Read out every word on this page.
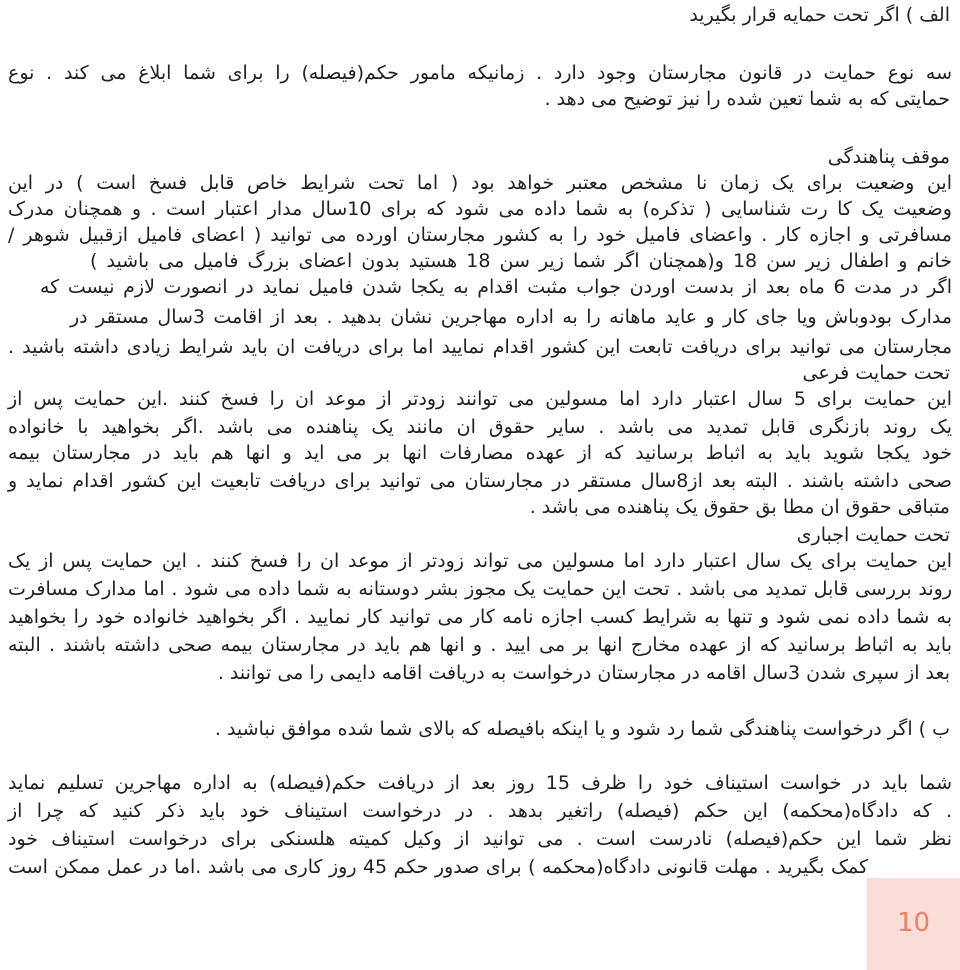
الف ) اگر تحت حمایه قرار بگیرید
سه نوع حمایت در قانون مجارستان وجود دارد . زمانیکه مامور حکم(فیصله) را برای شما ابلاغ می کند . نوع
حمایتی که به شما تعین شده را نیز توضیح می دهد .
موقف پناهندگی
این وضعیت برای یک زمان نا مشخص معتبر خواهد بود ( اما تحت شرایط خاص قابل فسخ است ) در این
وضعیت یک کا رت شناسایی ( تذکره) به شما داده می شود که برای 10سال مدار اعتبار است . و همچنان مدرک
مسافرتی و اجازه کار . واعضای فامیل خود را به کشور مجارستان اورده می توانید ( اعضای فامیل ازقبیل شوهر /
خانم و اطفال زیر سن 18 و(همچنان اگر شما زیر سن 18 هستید بدون اعضای بزرگ فامیل می باشید )
اگر در مدت 6 ماه بعد از بدست اوردن جواب مثبت اقدام به یکجا شدن فامیل نماید در انصورت لازم نیست که
مدارک بودوباش ویا جای کار و عاید ماهانه را به اداره مهاجرین نشان بدهید . بعد از اقامت 3سال مستقر در
مجارستان می توانید برای دریافت تابعت این کشور اقدام نمایید اما برای دریافت ان باید شرایط زیادی داشته باشید .
تحت حمایت فرعی
این حمایت برای 5 سال اعتبار دارد اما مسولین می توانند زودتر از موعد ان را فسخ کنند .این حمایت پس از
یک روند بازنگری قابل تمدید می باشد . سایر حقوق ان مانند یک پناهنده می باشد .اگر بخواهید با خانواده
خود یکجا شوید باید به اثباط برسانید که از عهده مصارفات انها بر می اید و انها هم باید در مجارستان بیمه
صحی داشته باشند . البته بعد از8سال مستقر در مجارستان می توانید برای دریافت تابعیت این کشور اقدام نماید و
متباقی حقوق ان مطا بق حقوق یک پناهنده می باشد .
تحت حمایت اجباری
این حمایت برای یک سال اعتبار دارد اما مسولین می تواند زودتر از موعد ان را فسخ کنند . این حمایت پس از یک
روند بررسی قابل تمدید می باشد . تحت این حمایت یک مجوز بشر دوستانه به شما داده می شود . اما مدارک مسافرت
به شما داده نمی شود و تنها به شرایط کسب اجازه نامه کار می توانید کار نمایید . اگر بخواهید خانواده خود را بخواهید
باید به اثباط برسانید که از عهده مخارج انها بر می ایید . و انها هم باید در مجارستان بیمه صحی داشته باشند . البته
بعد از سپری شدن 3سال اقامه در مجارستان درخواست به دریافت اقامه دایمی را می توانند .
ب ) اگر درخواست پناهندگی شما رد شود و یا اینکه بافیصله که بالای شما شده موافق نباشید .
شما باید در خواست استیناف خود را ظرف 15 روز بعد از دریافت حکم(فیصله) به اداره مهاجرین تسلیم نماید
. که دادگاه(محکمه) این حکم (فیصله) راتغیر بدهد . در درخواست استیناف خود باید ذکر کنید که چرا از
نظر شما این حکم(فیصله) نادرست است . می توانید از وکیل کمیته هلسنکی برای درخواست استیناف خود
کمک بگیرید . مهلت قانونی دادگاه(محکمه ) برای صدور حکم 45 روز کاری می باشد .اما در عمل ممکن است
10
